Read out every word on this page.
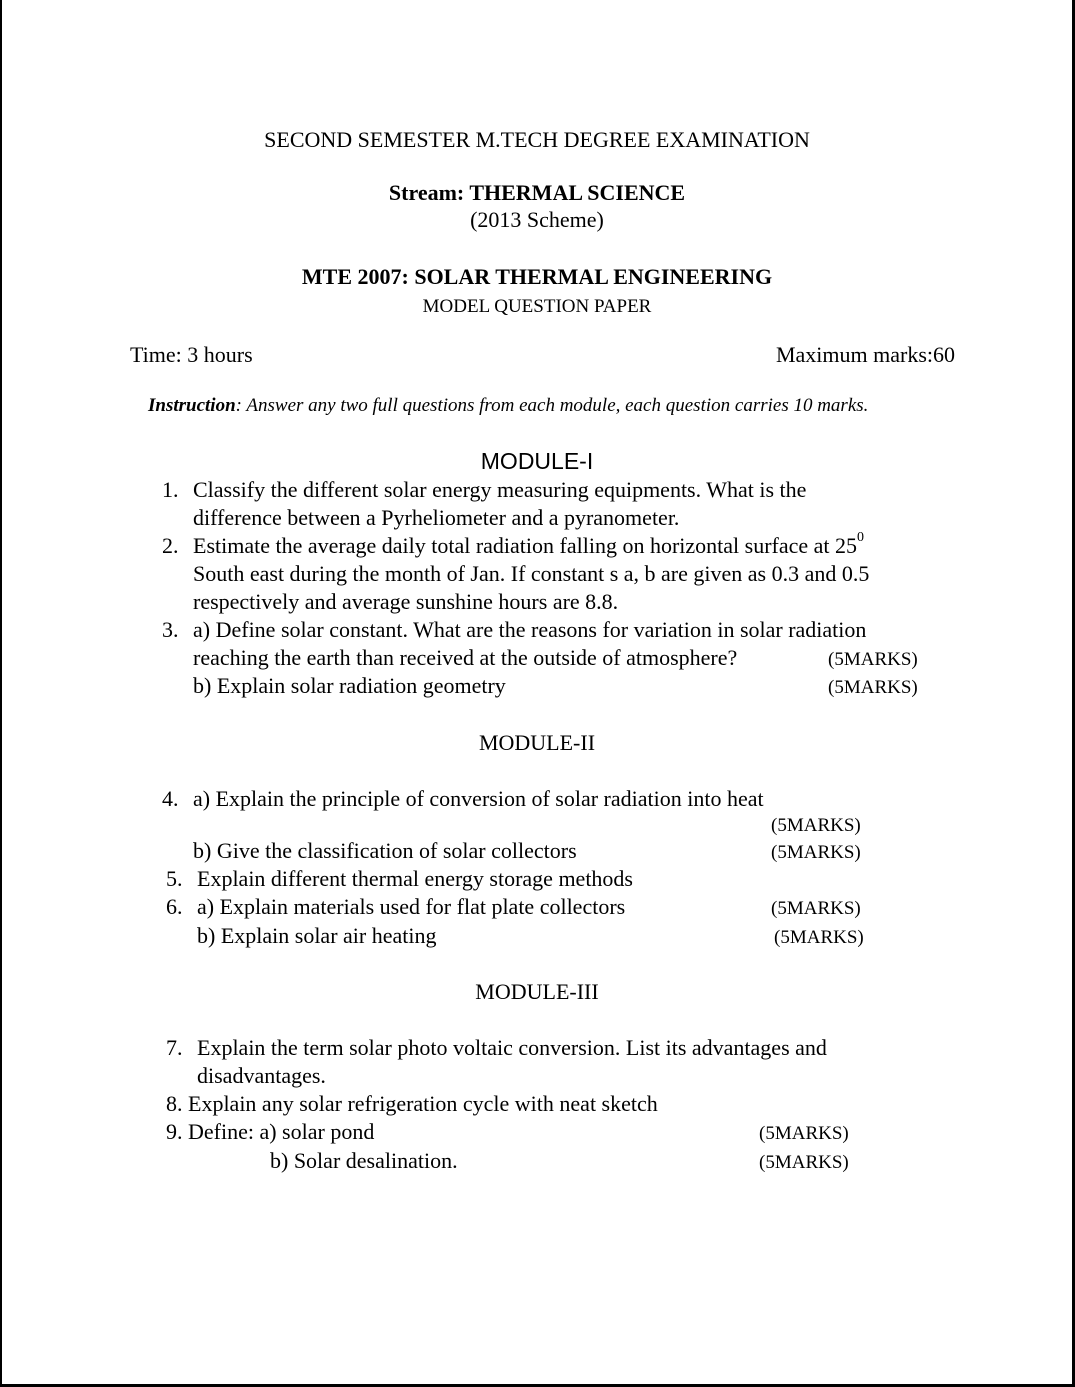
SECOND SEMESTER M.TECH DEGREE EXAMINATION
Stream: THERMAL SCIENCE
(2013 Scheme)
MTE 2007: SOLAR THERMAL ENGINEERING
MODEL QUESTION PAPER
Time: 3 hours	Maximum marks:60
Instruction: Answer any two full questions from each module, each question carries 10 marks.
MODULE-I
1. Classify the different solar energy measuring equipments. What is the
difference between a Pyrheliometer and a pyranometer.
2. Estimate the average daily total radiation falling on horizontal surface at $25^0$
South east during the month of Jan. If constant s a, b are given as 0.3 and 0.5
respectively and average sunshine hours are 8.8.
3. a) Define solar constant. What are the reasons for variation in solar radiation
reaching the earth than received at the outside of atmosphere?	(5MARKS)
b) Explain solar radiation geometry	(5MARKS)
MODULE-II
4. a) Explain the principle of conversion of solar radiation into heat
(5MARKS)
b) Give the classification of solar collectors	(5MARKS)
5. Explain different thermal energy storage methods
6. a) Explain materials used for flat plate collectors	(5MARKS)
b) Explain solar air heating	(5MARKS)
MODULE-III
7. Explain the term solar photo voltaic conversion. List its advantages and
disadvantages.
8. Explain any solar refrigeration cycle with neat sketch
9. Define: a) solar pond	(5MARKS)
b) Solar desalination.	(5MARKS)
